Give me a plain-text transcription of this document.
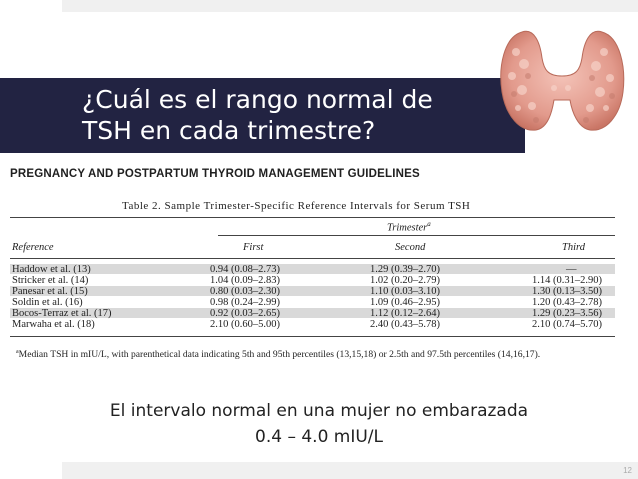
¿Cuál es el rango normal de
TSH en cada trimestre?
PREGNANCY AND POSTPARTUM THYROID MANAGEMENT GUIDELINES
Table 2. Sample Trimester-Specific Reference Intervals for Serum TSH
Trimester$^a$
Reference	First	Second	Third
Haddow et al. (13)	0.94 (0.08–2.73)	1.29 (0.39–2.70)	—
Stricker et al. (14)	1.04 (0.09–2.83)	1.02 (0.20–2.79)	1.14 (0.31–2.90)
Panesar et al. (15)	0.80 (0.03–2.30)	1.10 (0.03–3.10)	1.30 (0.13–3.50)
Soldin et al. (16)	0.98 (0.24–2.99)	1.09 (0.46–2.95)	1.20 (0.43–2.78)
Bocos-Terraz et al. (17)	0.92 (0.03–2.65)	1.12 (0.12–2.64)	1.29 (0.23–3.56)
Marwaha et al. (18)	2.10 (0.60–5.00)	2.40 (0.43–5.78)	2.10 (0.74–5.70)
$^a$Median TSH in mIU/L, with parenthetical data indicating 5th and 95th percentiles (13,15,18) or 2.5th and 97.5th percentiles (14,16,17).
El intervalo normal en una mujer no embarazada
0.4 – 4.0 mIU/L
12
